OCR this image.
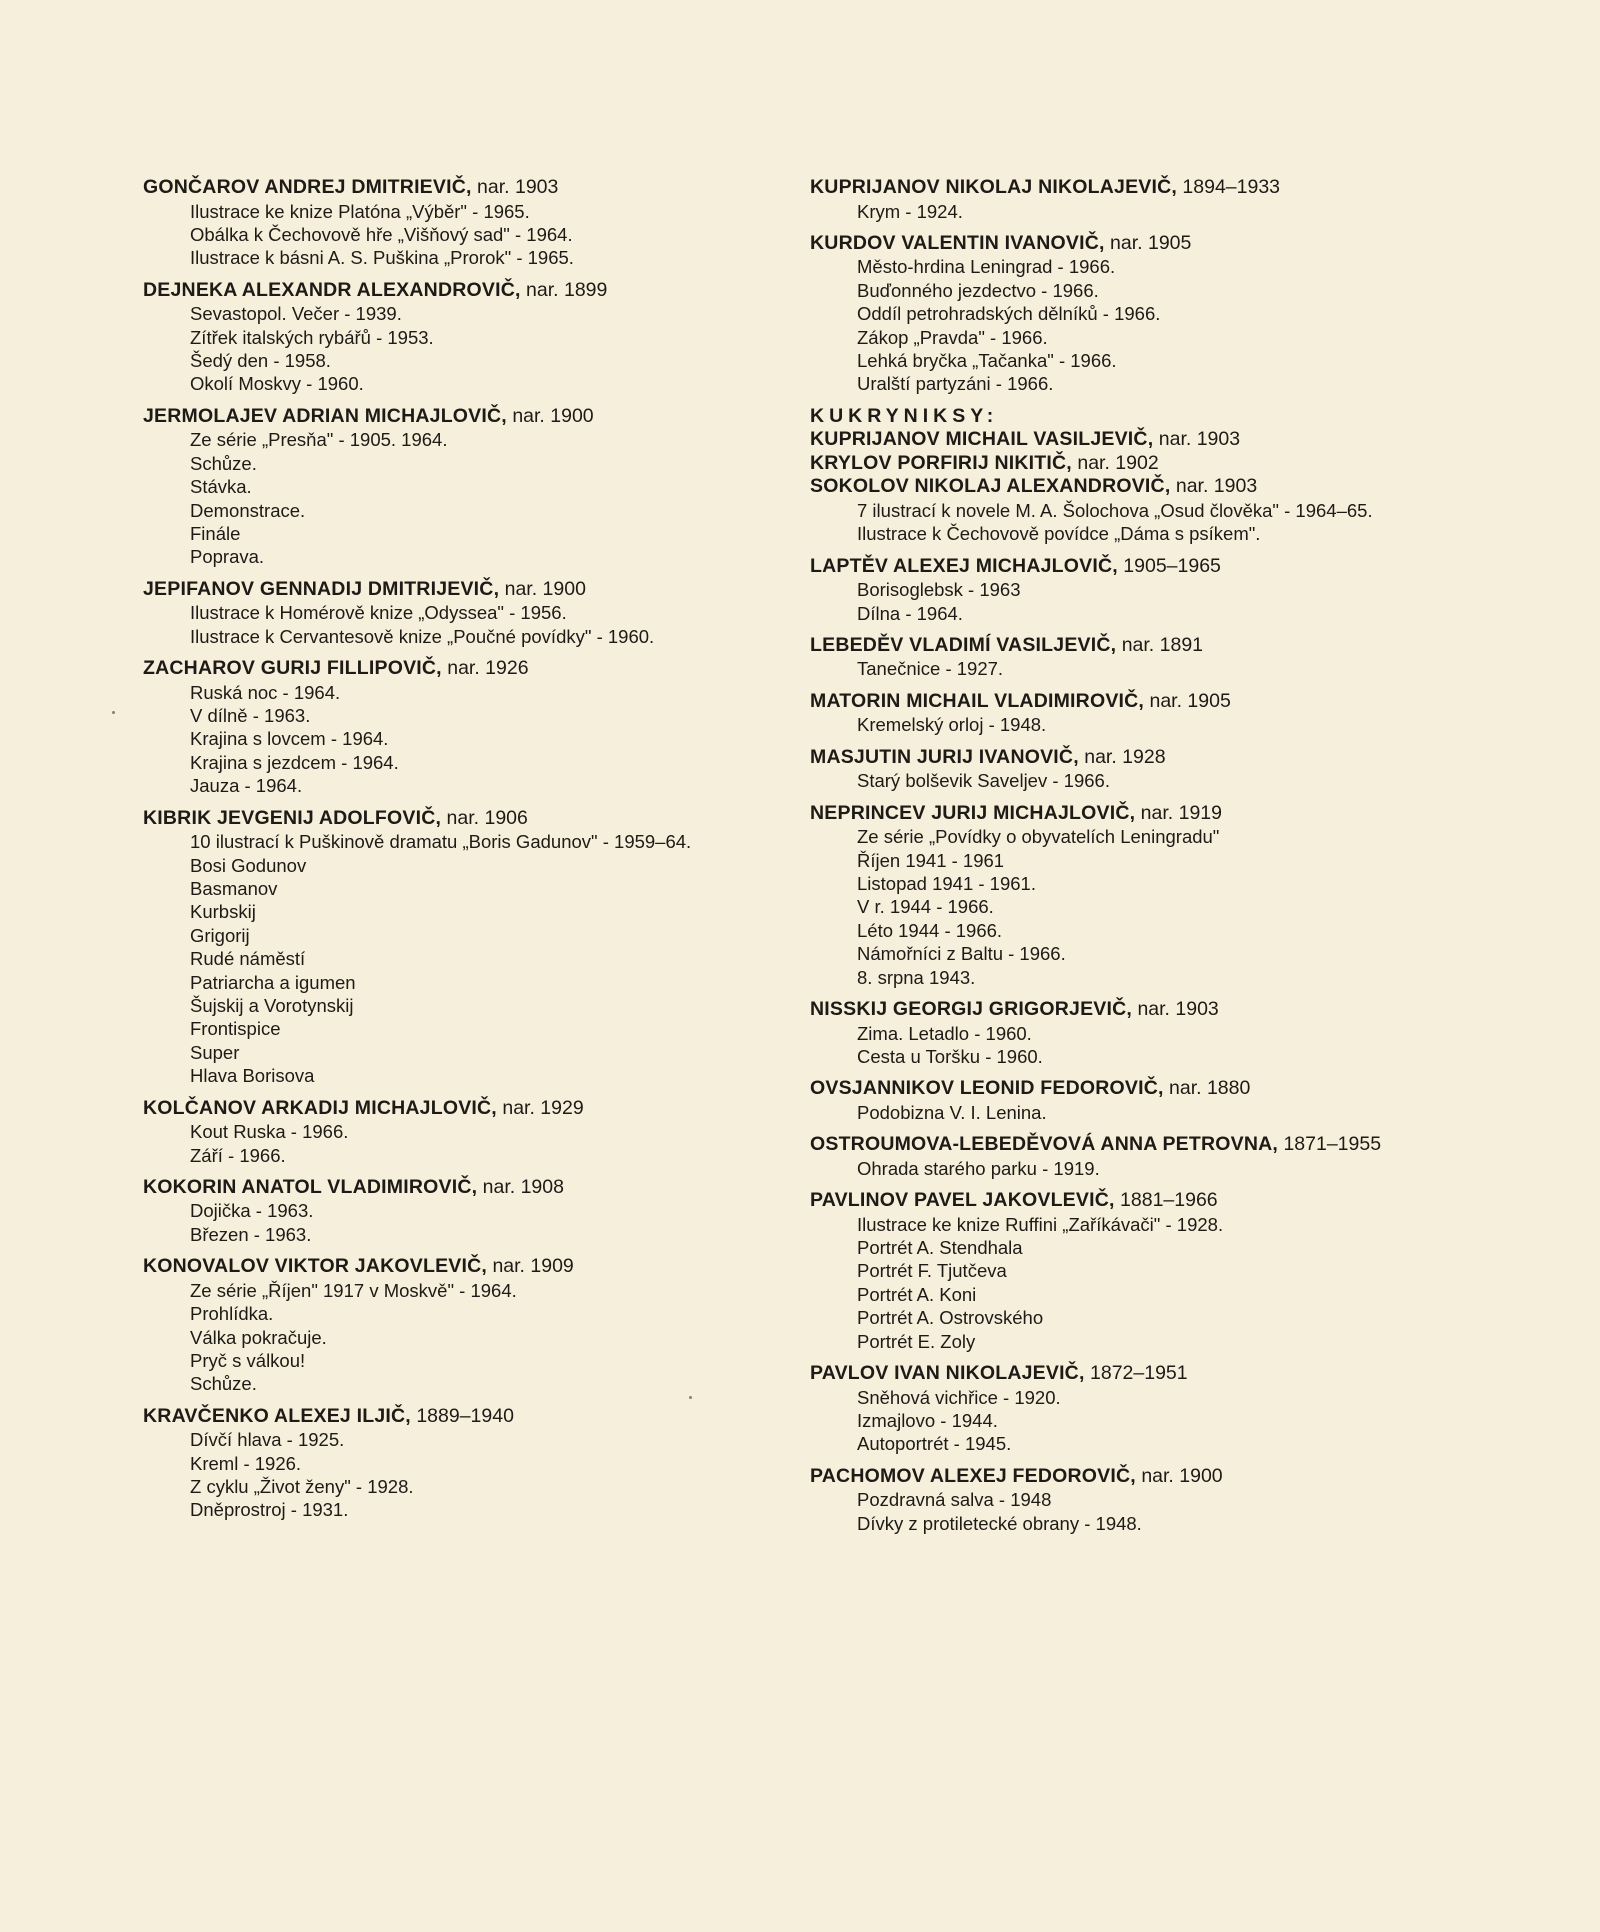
GONČAROV ANDREJ DMITRIEVIČ, nar. 1903
Ilustrace ke knize Platóna „Výběr" - 1965.
Obálka k Čechovově hře „Višňový sad" - 1964.
Ilustrace k básni A. S. Puškina „Prorok" - 1965.
DEJNEKA ALEXANDR ALEXANDROVIČ, nar. 1899
Sevastopol. Večer - 1939.
Zítřek italských rybářů - 1953.
Šedý den - 1958.
Okolí Moskvy - 1960.
JERMOLAJEV ADRIAN MICHAJLOVIČ, nar. 1900
Ze série „Presňa" - 1905. 1964.
Schůze.
Stávka.
Demonstrace.
Finále
Poprava.
JEPIFANOV GENNADIJ DMITRIJEVIČ, nar. 1900
Ilustrace k Homérově knize „Odyssea" - 1956.
Ilustrace k Cervantesově knize „Poučné povídky" - 1960.
ZACHAROV GURIJ FILLIPOVIČ, nar. 1926
Ruská noc - 1964.
V dílně - 1963.
Krajina s lovcem - 1964.
Krajina s jezdcem - 1964.
Jauza - 1964.
KIBRIK JEVGENIJ ADOLFOVIČ, nar. 1906
10 ilustrací k Puškinově dramatu „Boris Gadunov" - 1959–64.
Bosi Godunov
Basmanov
Kurbskij
Grigorij
Rudé náměstí
Patriarcha a igumen
Šujskij a Vorotynskij
Frontispice
Super
Hlava Borisova
KOLČANOV ARKADIJ MICHAJLOVIČ, nar. 1929
Kout Ruska - 1966.
Září - 1966.
KOKORIN ANATOL VLADIMIROVIČ, nar. 1908
Dojička - 1963.
Březen - 1963.
KONOVALOV VIKTOR JAKOVLEVIČ, nar. 1909
Ze série „Říjen" 1917 v Moskvě" - 1964.
Prohlídka.
Válka pokračuje.
Pryč s válkou!
Schůze.
KRAVČENKO ALEXEJ ILJIČ, 1889–1940
Dívčí hlava - 1925.
Kreml - 1926.
Z cyklu „Život ženy" - 1928.
Dněprostroj - 1931.
KUPRIJANOV NIKOLAJ NIKOLAJEVIČ, 1894–1933
Krym - 1924.
KURDOV VALENTIN IVANOVIČ, nar. 1905
Město-hrdina Leningrad - 1966.
Buďonného jezdectvo - 1966.
Oddíl petrohradských dělníků - 1966.
Zákop „Pravda" - 1966.
Lehká bryčka „Tačanka" - 1966.
Uralští partyzáni - 1966.
KUKRYNIKSY:
KUPRIJANOV MICHAIL VASILJEVIČ, nar. 1903
KRYLOV PORFIRIJ NIKITIČ, nar. 1902
SOKOLOV NIKOLAJ ALEXANDROVIČ, nar. 1903
7 ilustrací k novele M. A. Šolochova „Osud člověka" - 1964–65.
Ilustrace k Čechovově povídce „Dáma s psíkem".
LAPTĚV ALEXEJ MICHAJLOVIČ, 1905–1965
Borisoglebsk - 1963
Dílna - 1964.
LEBEDĚV VLADIMÍ VASILJEVIČ, nar. 1891
Tanečnice - 1927.
MATORIN MICHAIL VLADIMIROVIČ, nar. 1905
Kremelský orloj - 1948.
MASJUTIN JURIJ IVANOVIČ, nar. 1928
Starý bolševik Saveljev - 1966.
NEPRINCEV JURIJ MICHAJLOVIČ, nar. 1919
Ze série „Povídky o obyvatelích Leningradu"
Říjen 1941 - 1961
Listopad 1941 - 1961.
V r. 1944 - 1966.
Léto 1944 - 1966.
Námořníci z Baltu - 1966.
8. srpna 1943.
NISSKIJ GEORGIJ GRIGORJEVIČ, nar. 1903
Zima. Letadlo - 1960.
Cesta u Toršku - 1960.
OVSJANNIKOV LEONID FEDOROVIČ, nar. 1880
Podobizna V. I. Lenina.
OSTROUMOVA-LEBEDĚVOVÁ ANNA PETROVNA, 1871–1955
Ohrada starého parku - 1919.
PAVLINOV PAVEL JAKOVLEVIČ, 1881–1966
Ilustrace ke knize Ruffini „Zaříkávači" - 1928.
Portrét A. Stendhala
Portrét F. Tjutčeva
Portrét A. Koni
Portrét A. Ostrovského
Portrét E. Zoly
PAVLOV IVAN NIKOLAJEVIČ, 1872–1951
Sněhová vichřice - 1920.
Izmajlovo - 1944.
Autoportrét - 1945.
PACHOMOV ALEXEJ FEDOROVIČ, nar. 1900
Pozdravná salva - 1948
Dívky z protiletecké obrany - 1948.
